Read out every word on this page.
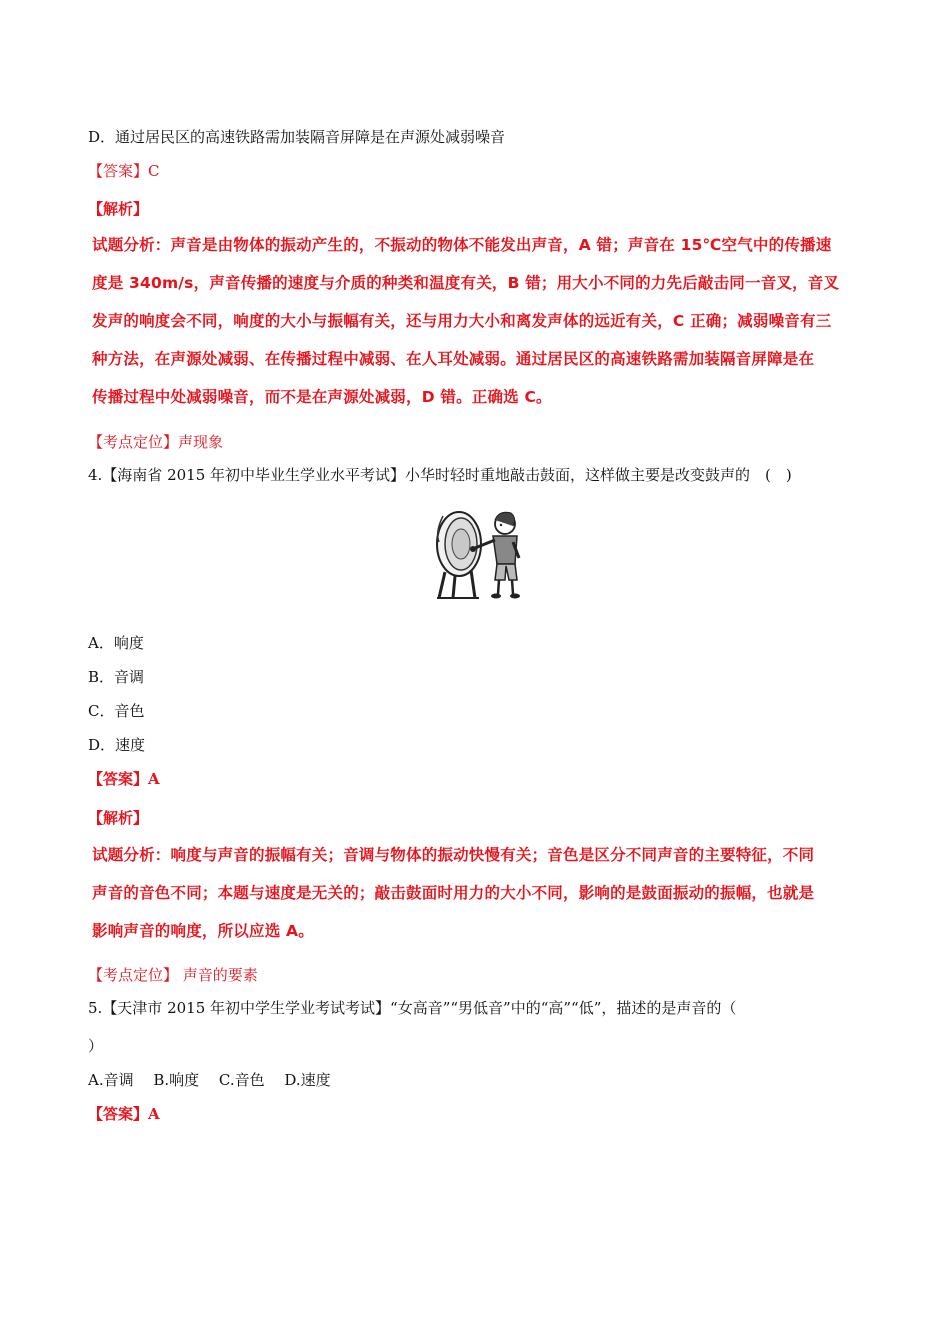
D．通过居民区的高速铁路需加装隔音屏障是在声源处减弱噪音
【答案】C
【解析】

试题分析：声音是由物体的振动产生的，不振动的物体不能发出声音，A 错；声音在 15℃空气中的传播速

度是 340m/s，声音传播的速度与介质的种类和温度有关，B 错；用大小不同的力先后敲击同一音叉，音叉

发声的响度会不同，响度的大小与振幅有关，还与用力大小和离发声体的远近有关，C 正确；减弱噪音有三

种方法，在声源处减弱、在传播过程中减弱、在人耳处减弱。通过居民区的高速铁路需加装隔音屏障是在

传播过程中处减弱噪音，而不是在声源处减弱，D 错。正确选 C。

【考点定位】声现象
4.【海南省 2015 年初中毕业生学业水平考试】小华时轻时重地敲击鼓面，这样做主要是改变鼓声的　(　)
A．响度
B．音调
C．音色
D．速度
【答案】A
【解析】

试题分析：响度与声音的振幅有关；音调与物体的振动快慢有关；音色是区分不同声音的主要特征，不同

声音的音色不同；本题与速度是无关的；敲击鼓面时用力的大小不同，影响的是鼓面振动的振幅，也就是

影响声音的响度，所以应选 A。

【考点定位】 声音的要素
5.【天津市 2015 年初中学生学业考试考试】“女高音”“男低音”中的“高”“低”，描述的是声音的（
）
A.音调　 B.响度　 C.音色　 D.速度
【答案】A
